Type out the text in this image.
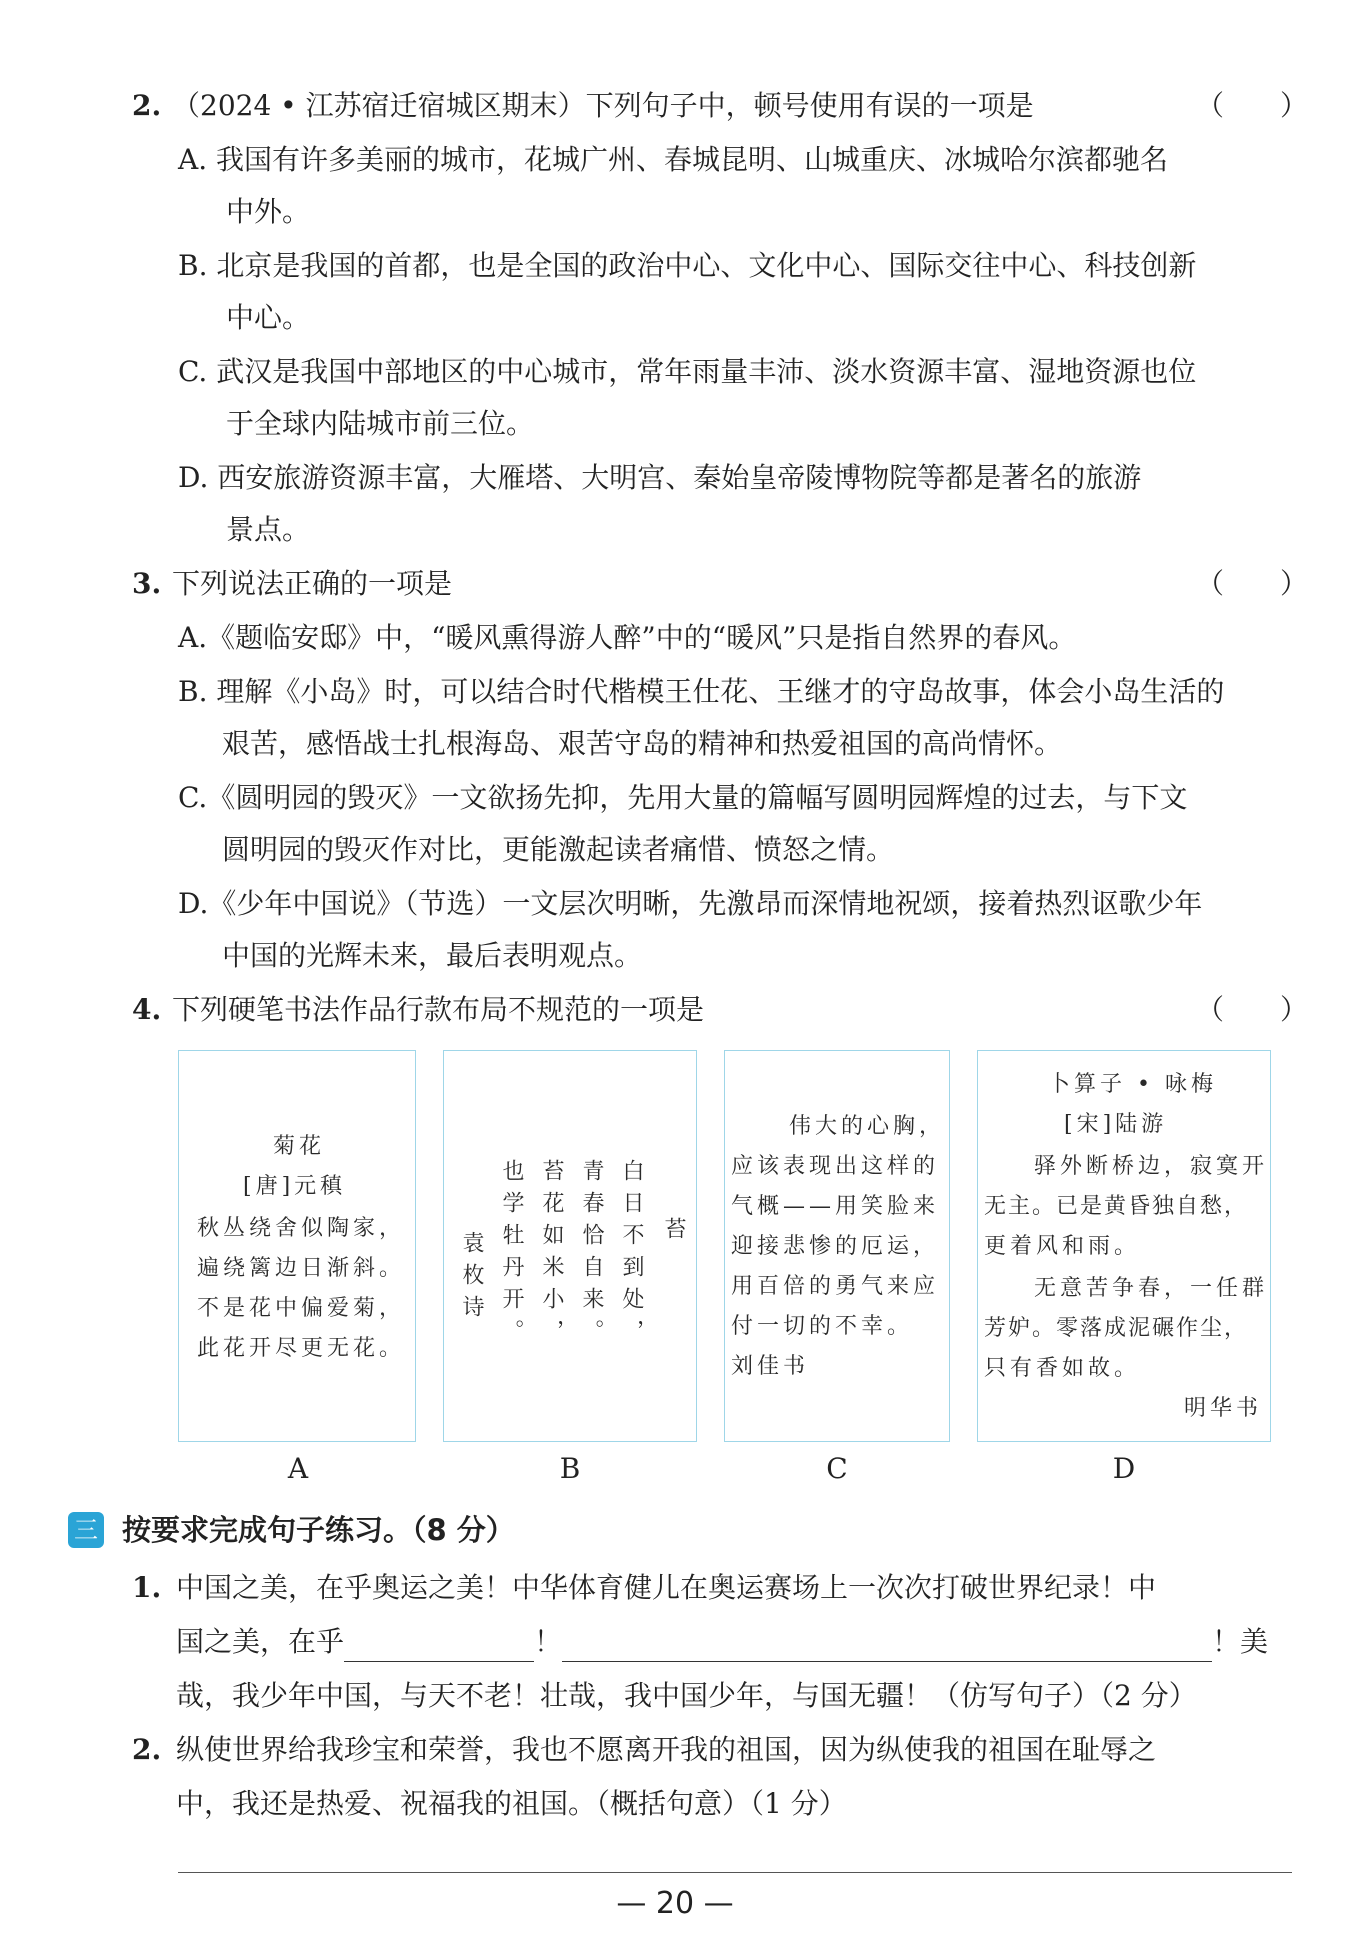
2. （2024 • 江苏宿迁宿城区期末）下列句子中，顿号使用有误的一项是	（　　）
A. 我国有许多美丽的城市，花城广州、春城昆明、山城重庆、冰城哈尔滨都驰名
中外。
B. 北京是我国的首都，也是全国的政治中心、文化中心、国际交往中心、科技创新
中心。
C. 武汉是我国中部地区的中心城市，常年雨量丰沛、淡水资源丰富、湿地资源也位
于全球内陆城市前三位。
D. 西安旅游资源丰富，大雁塔、大明宫、秦始皇帝陵博物院等都是著名的旅游
景点。
3. 下列说法正确的一项是	（　　）
A.《题临安邸》中，“暖风熏得游人醉”中的“暖风”只是指自然界的春风。
B. 理解《小岛》时，可以结合时代楷模王仕花、王继才的守岛故事，体会小岛生活的
艰苦，感悟战士扎根海岛、艰苦守岛的精神和热爱祖国的高尚情怀。
C.《圆明园的毁灭》一文欲扬先抑，先用大量的篇幅写圆明园辉煌的过去，与下文
圆明园的毁灭作对比，更能激起读者痛惜、愤怒之情。
D.《少年中国说》（节选）一文层次明晰，先激昂而深情地祝颂，接着热烈讴歌少年
中国的光辉未来，最后表明观点。
4. 下列硬笔书法作品行款布局不规范的一项是	（　　）
菊花
[唐]元稹
秋丛绕舍似陶家，
遍绕篱边日渐斜。
不是花中偏爱菊，
此花开尽更无花。
A
苔
白日不到处，
青春恰自来。
苔花如米小，
也学牡丹开。
袁枚诗
B
伟大的心胸，
应该表现出这样的
气概——用笑脸来
迎接悲惨的厄运，
用百倍的勇气来应
付一切的不幸。
刘佳书
C
卜算子 • 咏梅
[宋]陆游
驿外断桥边，寂寞开
无主。已是黄昏独自愁，
更着风和雨。
无意苦争春，一任群
芳妒。零落成泥碾作尘，
只有香如故。
明华书
D
三 按要求完成句子练习。（8 分）
1. 中国之美，在乎奥运之美！中华体育健儿在奥运赛场上一次次打破世界纪录！中
国之美，在乎	！	！美
哉，我少年中国，与天不老！壮哉，我中国少年，与国无疆！（仿写句子）（2 分）
2. 纵使世界给我珍宝和荣誉，我也不愿离开我的祖国，因为纵使我的祖国在耻辱之
中，我还是热爱、祝福我的祖国。（概括句意）（1 分）
— 20 —
